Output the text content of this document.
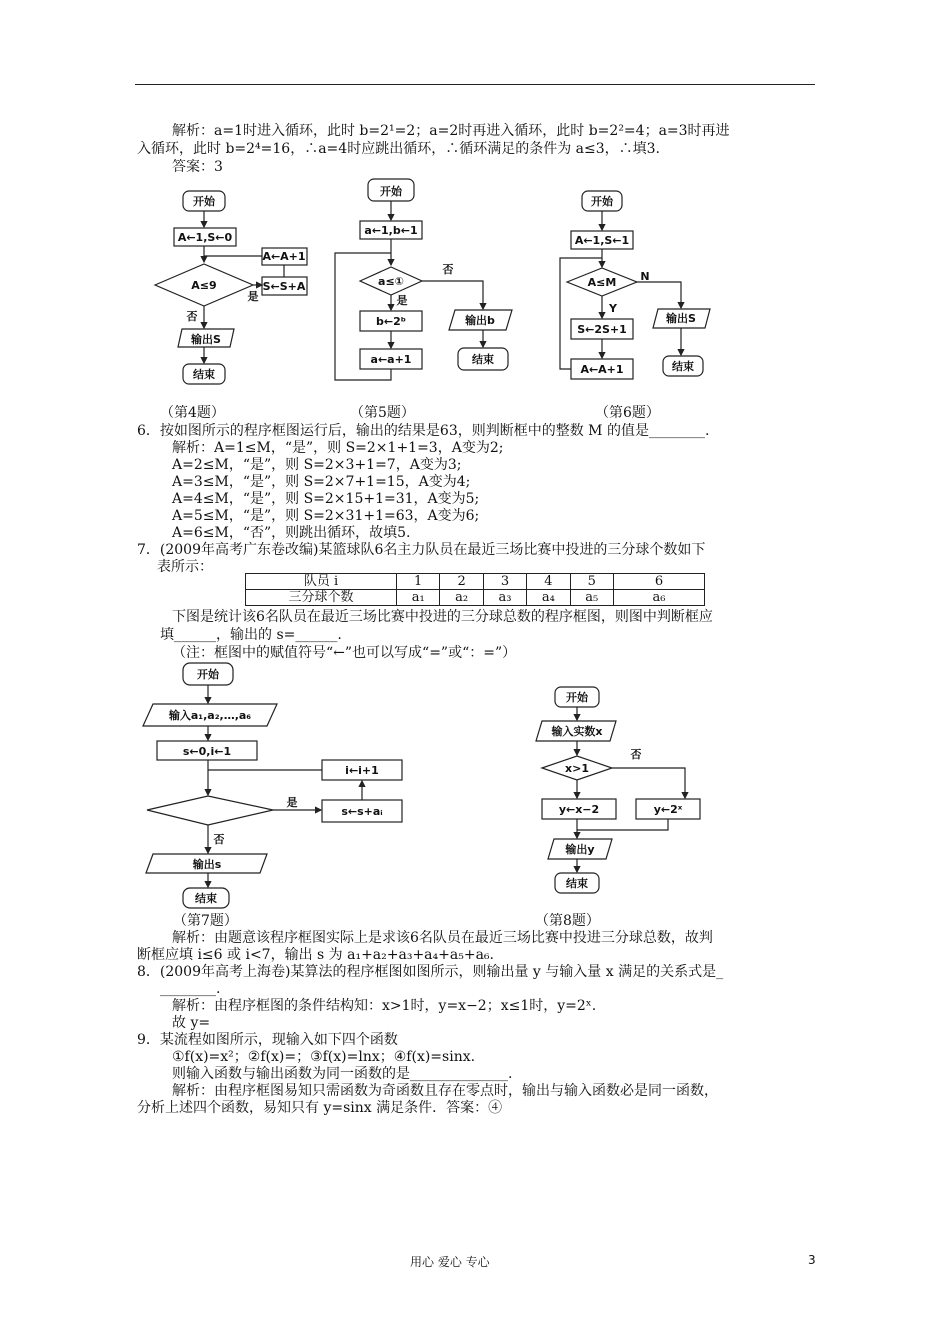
解析：a=1时进入循环，此时 b=2¹=2；a=2时再进入循环，此时 b=2²=4；a=3时再进
入循环，此时 b=2⁴=16，∴a=4时应跳出循环，∴循环满足的条件为 a≤3，∴填3.
答案：3
开始
A←1,S←0
A≤9	S←S+A
A←A+1
输出S
结束
是
否
开始
a←1,b←1
a≤①
b←2ᵇ
a←a+1
输出b
结束
是
否
开始
A←1,S←1
A≤M
S←2S+1
A←A+1
输出S
结束
Y
N
（第4题）	（第5题）	（第6题）
6．按如图所示的程序框图运行后，输出的结果是63，则判断框中的整数 M 的值是________.
解析：A=1≤M，“是”，则 S=2×1+1=3，A变为2;
A=2≤M，“是”，则 S=2×3+1=7，A变为3;
A=3≤M，“是”，则 S=2×7+1=15，A变为4;
A=4≤M，“是”，则 S=2×15+1=31，A变为5;
A=5≤M，“是”，则 S=2×31+1=63，A变为6;
A=6≤M，“否”，则跳出循环，故填5.
7．(2009年高考广东卷改编)某篮球队6名主力队员在最近三场比赛中投进的三分球个数如下
表所示：
队员 i	1	2	3	4	5	6
三分球个数	a₁	a₂	a₃	a₄	a₅	a₆
下图是统计该6名队员在最近三场比赛中投进的三分球总数的程序框图，则图中判断框应
填______，输出的 s=______.
（注：框图中的赋值符号“←”也可以写成“=”或“：=”）
开始
输入a₁,a₂,…,a₆
s←0,i←1
i←i+1
s←s+aᵢ
是
否
输出s
结束
开始
输入实数x
x>1
y←x−2	y←2ˣ
否
输出y
结束
（第7题）	（第8题）
解析：由题意该程序框图实际上是求该6名队员在最近三场比赛中投进三分球总数，故判
断框应填 i≤6 或 i<7，输出 s 为 a₁+a₂+a₃+a₄+a₅+a₆.
8．(2009年高考上海卷)某算法的程序框图如图所示，则输出量 y 与输入量 x 满足的关系式是_
________.
解析：由程序框图的条件结构知：x>1时，y=x−2；x≤1时，y=2ˣ.
故 y=
9．某流程如图所示，现输入如下四个函数
①f(x)=x²；②f(x)=；③f(x)=lnx；④f(x)=sinx.
则输入函数与输出函数为同一函数的是______________.
解析：由程序框图易知只需函数为奇函数且存在零点时，输出与输入函数必是同一函数，
分析上述四个函数，易知只有 y=sinx 满足条件．答案：④
用心 爱心 专心	3
